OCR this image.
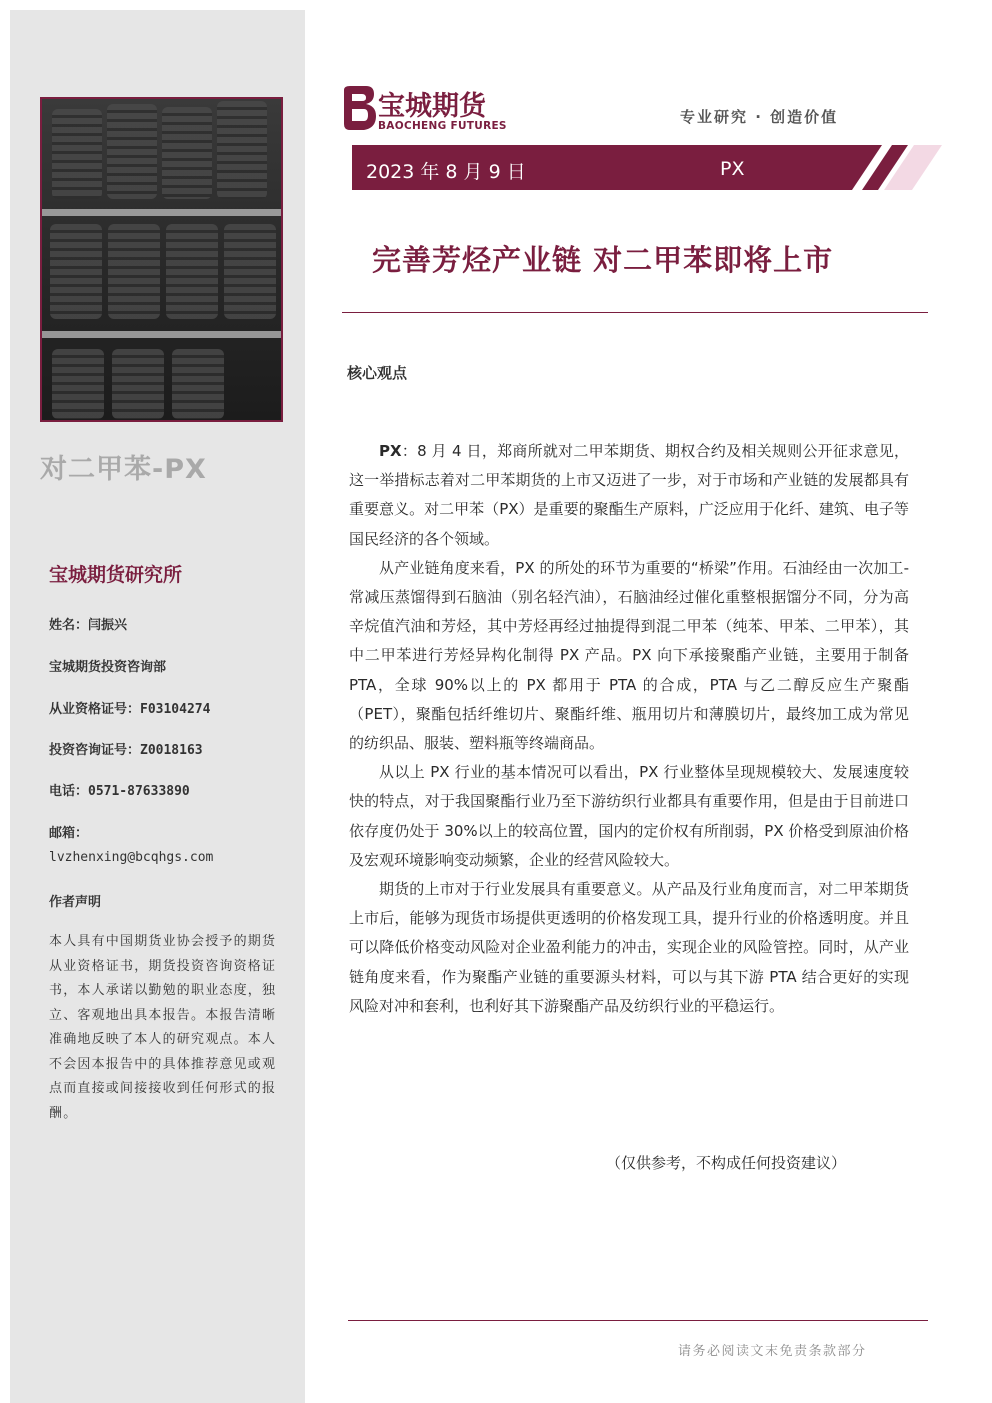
对二甲苯-PX
宝城期货研究所
姓名：闫振兴
宝城期货投资咨询部
从业资格证号：F03104274
投资咨询证号：Z0018163
电话：0571-87633890
邮箱：
lvzhenxing@bcqhgs.com
作者声明
本人具有中国期货业协会授予的期货从业资格证书，期货投资咨询资格证书，本人承诺以勤勉的职业态度，独立、客观地出具本报告。本报告清晰准确地反映了本人的研究观点。本人不会因本报告中的具体推荐意见或观点而直接或间接接收到任何形式的报酬。
宝城期货
BAOCHENG FUTURES	专业研究 · 创造价值
2023 年 8 月 9 日	PX
完善芳烃产业链 对二甲苯即将上市
核心观点

PX：8 月 4 日，郑商所就对二甲苯期货、期权合约及相关规则公开征求意见，这一举措标志着对二甲苯期货的上市又迈进了一步，对于市场和产业链的发展都具有重要意义。对二甲苯（PX）是重要的聚酯生产原料，广泛应用于化纤、建筑、电子等国民经济的各个领域。

从产业链角度来看，PX 的所处的环节为重要的“桥梁”作用。石油经由一次加工-常减压蒸馏得到石脑油（别名轻汽油），石脑油经过催化重整根据馏分不同，分为高辛烷值汽油和芳烃，其中芳烃再经过抽提得到混二甲苯（纯苯、甲苯、二甲苯），其中二甲苯进行芳烃异构化制得 PX 产品。PX 向下承接聚酯产业链，主要用于制备 PTA，全球 90%以上的 PX 都用于 PTA 的合成，PTA 与乙二醇反应生产聚酯（PET），聚酯包括纤维切片、聚酯纤维、瓶用切片和薄膜切片，最终加工成为常见的纺织品、服装、塑料瓶等终端商品。

从以上 PX 行业的基本情况可以看出，PX 行业整体呈现规模较大、发展速度较快的特点，对于我国聚酯行业乃至下游纺织行业都具有重要作用，但是由于目前进口依存度仍处于 30%以上的较高位置，国内的定价权有所削弱，PX 价格受到原油价格及宏观环境影响变动频繁，企业的经营风险较大。

期货的上市对于行业发展具有重要意义。从产品及行业角度而言，对二甲苯期货上市后，能够为现货市场提供更透明的价格发现工具，提升行业的价格透明度。并且可以降低价格变动风险对企业盈利能力的冲击，实现企业的风险管控。同时，从产业链角度来看，作为聚酯产业链的重要源头材料，可以与其下游 PTA 结合更好的实现风险对冲和套利，也利好其下游聚酯产品及纺织行业的平稳运行。

（仅供参考，不构成任何投资建议）
请务必阅读文末免责条款部分
